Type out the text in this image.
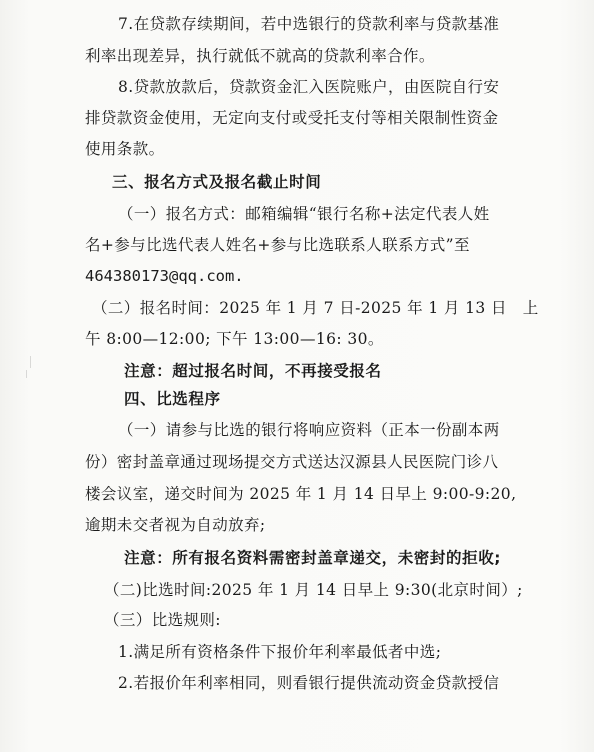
7.在贷款存续期间，若中选银行的贷款利率与贷款基准
利率出现差异，执行就低不就高的贷款利率合作。
8.贷款放款后，贷款资金汇入医院账户，由医院自行安
排贷款资金使用，无定向支付或受托支付等相关限制性资金
使用条款。
三、报名方式及报名截止时间
（一）报名方式：邮箱编辑“银行名称+法定代表人姓
名+参与比选代表人姓名+参与比选联系人联系方式”至
464380173@qq.com.
（二）报名时间：2025 年 1 月 7 日-2025 年 1 月 13 日　上
午 8:00—12:00; 下午 13:00—16: 30。
注意：超过报名时间，不再接受报名
四、比选程序
（一）请参与比选的银行将响应资料（正本一份副本两
份）密封盖章通过现场提交方式送达汉源县人民医院门诊八
楼会议室，递交时间为 2025 年 1 月 14 日早上 9:00-9:20,
逾期未交者视为自动放弃;
注意：所有报名资料需密封盖章递交，未密封的拒收;
（二)比选时间:2025 年 1 月 14 日早上 9:30(北京时间）;
（三）比选规则:
1.满足所有资格条件下报价年利率最低者中选;
2.若报价年利率相同，则看银行提供流动资金贷款授信
